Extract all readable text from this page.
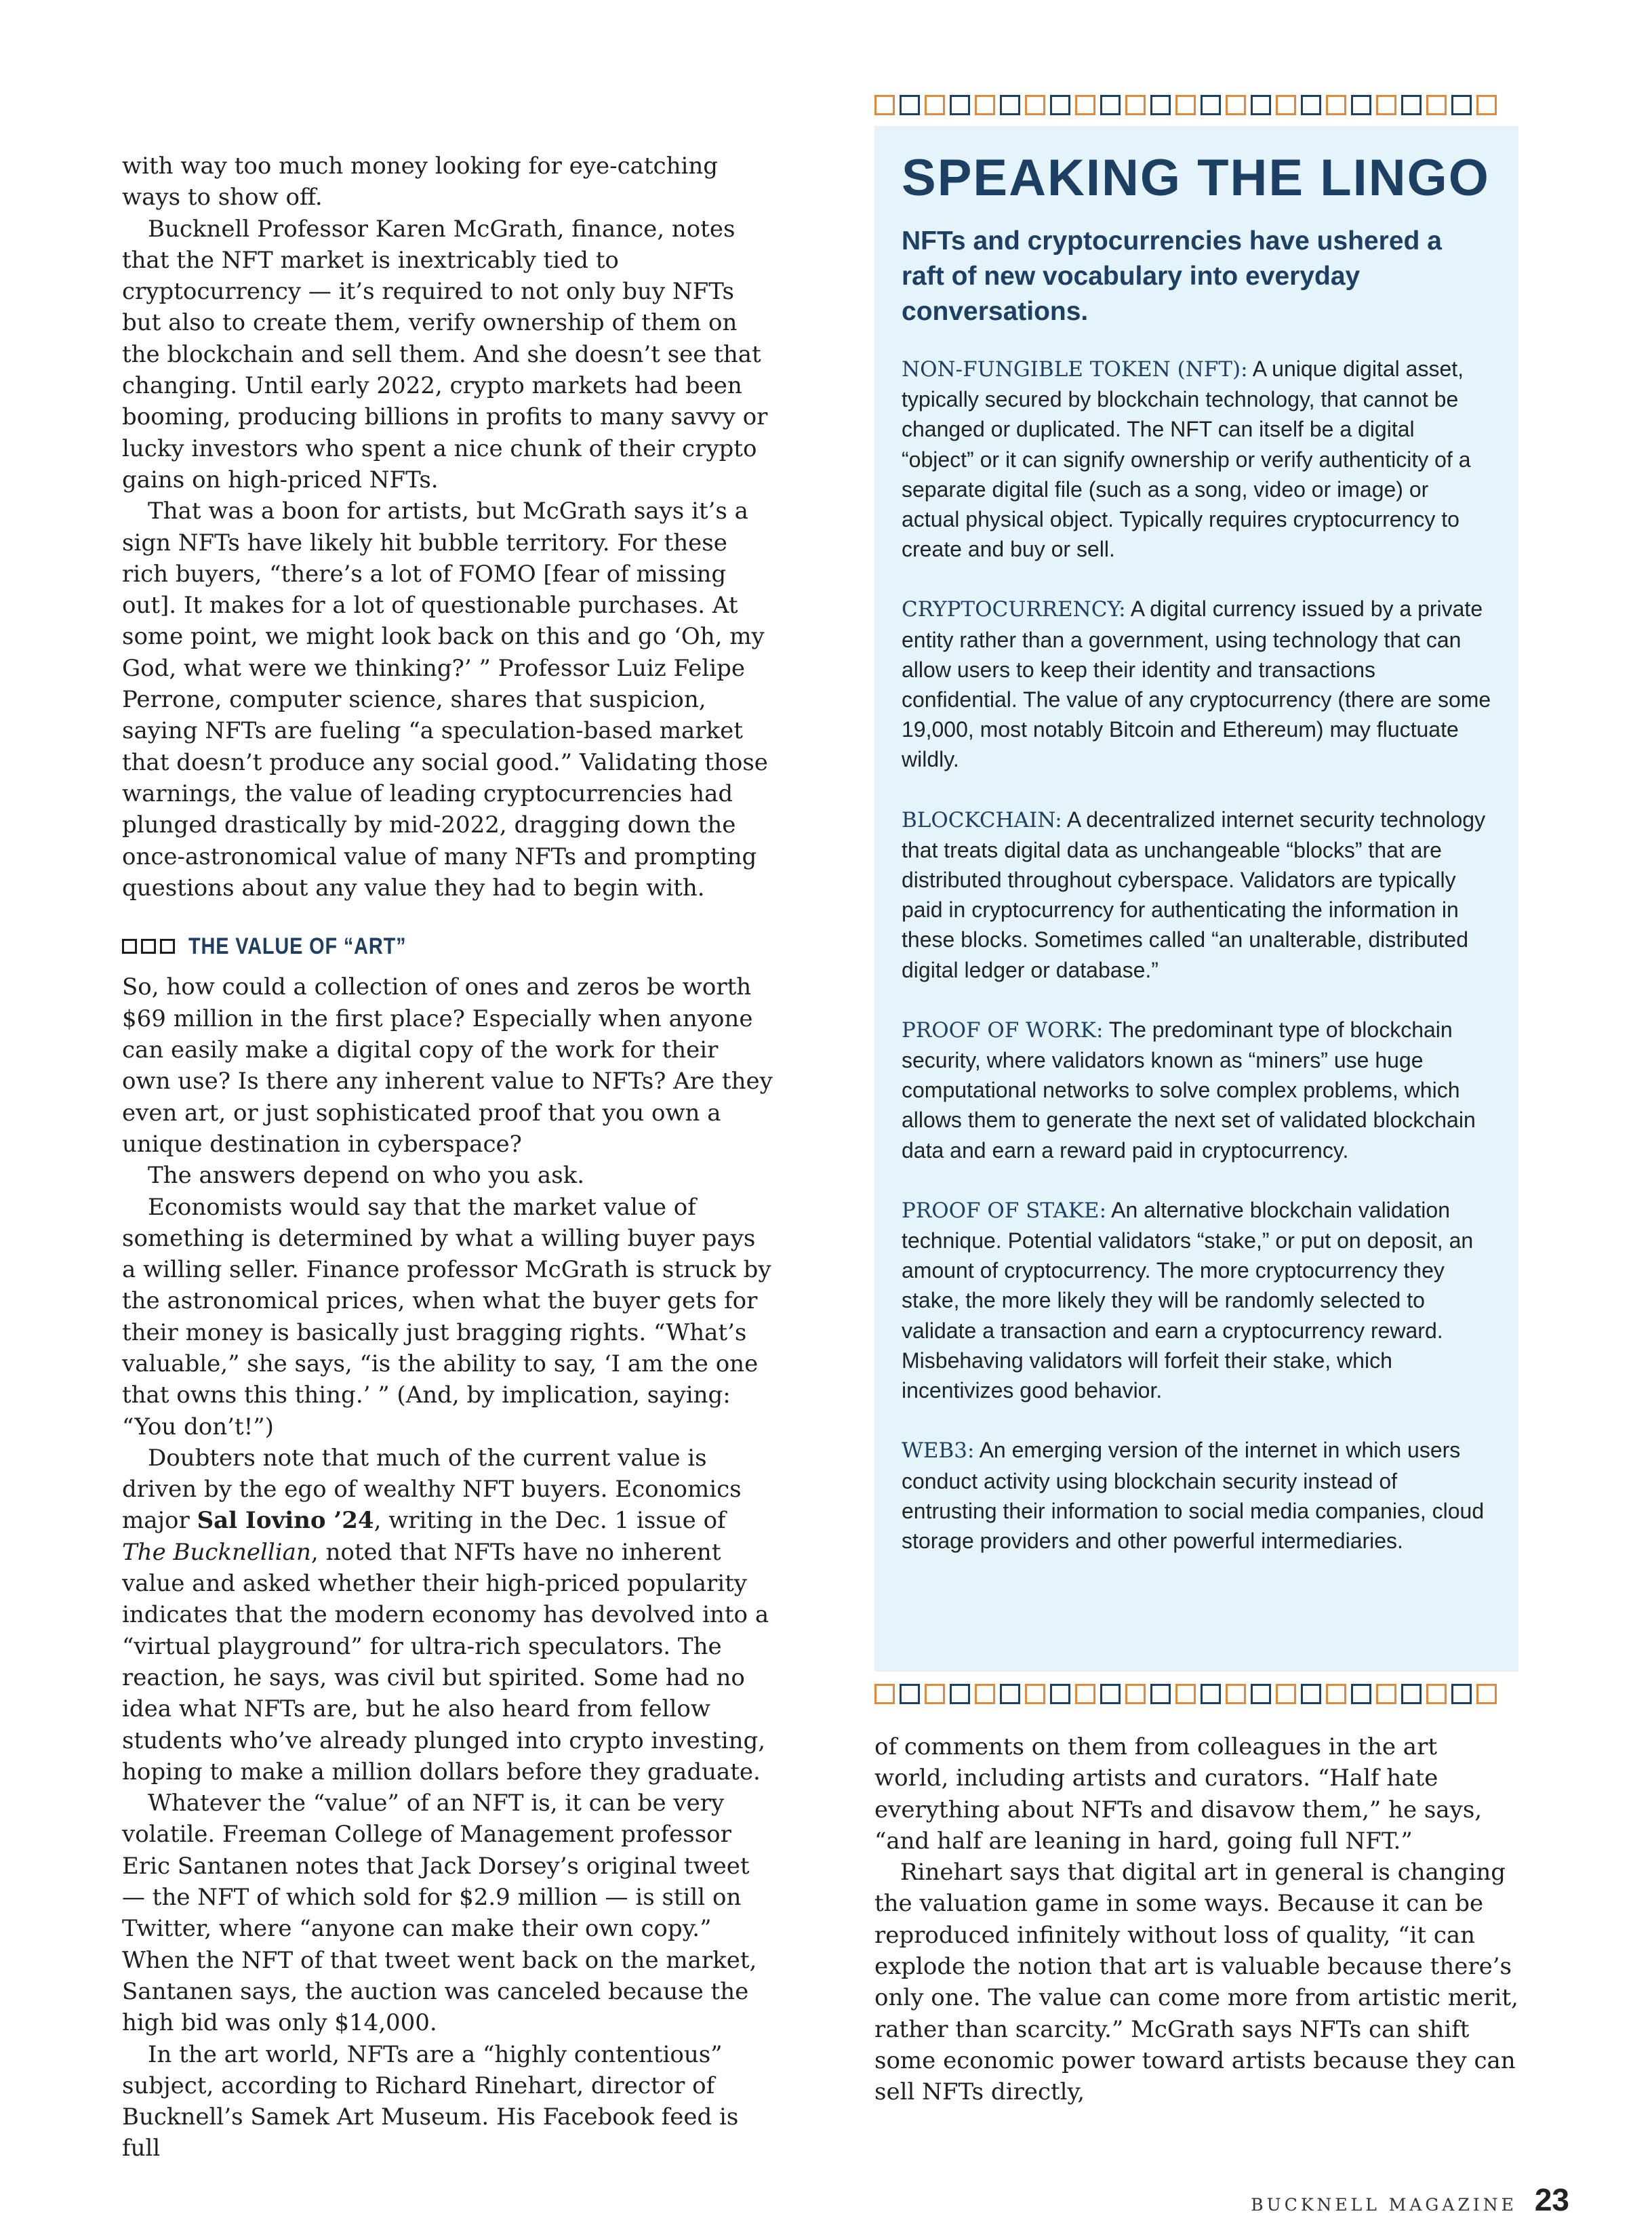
with way too much money looking for eye-catching ways to show off.

Bucknell Professor Karen McGrath, finance, notes that the NFT market is inextricably tied to cryptocurrency — it’s required to not only buy NFTs but also to create them, verify ownership of them on the blockchain and sell them. And she doesn’t see that changing. Until early 2022, crypto markets had been booming, producing billions in profits to many savvy or lucky investors who spent a nice chunk of their crypto gains on high-priced NFTs.

That was a boon for artists, but McGrath says it’s a sign NFTs have likely hit bubble territory. For these rich buyers, “there’s a lot of FOMO [fear of missing out]. It makes for a lot of questionable purchases. At some point, we might look back on this and go ‘Oh, my God, what were we thinking?’ ” Professor Luiz Felipe Perrone, computer science, shares that suspicion, saying NFTs are fueling “a speculation-based market that doesn’t produce any social good.” Validating those warnings, the value of leading cryptocurrencies had plunged drastically by mid-2022, dragging down the once-astronomical value of many NFTs and prompting questions about any value they had to begin with.

THE VALUE OF “ART”

So, how could a collection of ones and zeros be worth $69 million in the first place? Especially when anyone can easily make a digital copy of the work for their own use? Is there any inherent value to NFTs? Are they even art, or just sophisticated proof that you own a unique destination in cyberspace?

The answers depend on who you ask.

Economists would say that the market value of something is determined by what a willing buyer pays a willing seller. Finance professor McGrath is struck by the astronomical prices, when what the buyer gets for their money is basically just bragging rights. “What’s valuable,” she says, “is the ability to say, ‘I am the one that owns this thing.’ ” (And, by implication, saying: “You don’t!”)

Doubters note that much of the current value is driven by the ego of wealthy NFT buyers. Economics major Sal Iovino ’24, writing in the Dec. 1 issue of The Bucknellian, noted that NFTs have no inherent value and asked whether their high-priced popularity indicates that the modern economy has devolved into a “virtual playground” for ultra-rich speculators. The reaction, he says, was civil but spirited. Some had no idea what NFTs are, but he also heard from fellow students who’ve already plunged into crypto investing, hoping to make a million dollars before they graduate.

Whatever the “value” of an NFT is, it can be very volatile. Freeman College of Management professor Eric Santanen notes that Jack Dorsey’s original tweet — the NFT of which sold for $2.9 million — is still on Twitter, where “anyone can make their own copy.” When the NFT of that tweet went back on the market, Santanen says, the auction was canceled because the high bid was only $14,000.

In the art world, NFTs are a “highly contentious” subject, according to Richard Rinehart, director of Bucknell’s Samek Art Museum. His Facebook feed is full

SPEAKING THE LINGO
NFTs and cryptocurrencies have ushered a raft of new vocabulary into everyday conversations.
NON-FUNGIBLE TOKEN (NFT): A unique digital asset, typically secured by blockchain technology, that cannot be changed or duplicated. The NFT can itself be a digital “object” or it can signify ownership or verify authenticity of a separate digital file (such as a song, video or image) or actual physical object. Typically requires cryptocurrency to create and buy or sell.
CRYPTOCURRENCY: A digital currency issued by a private entity rather than a government, using technology that can allow users to keep their identity and transactions confidential. The value of any cryptocurrency (there are some 19,000, most notably Bitcoin and Ethereum) may fluctuate wildly.
BLOCKCHAIN: A decentralized internet security technology that treats digital data as unchangeable “blocks” that are distributed throughout cyberspace. Validators are typically paid in cryptocurrency for authenticating the information in these blocks. Sometimes called “an unalterable, distributed digital ledger or database.”
PROOF OF WORK: The predominant type of blockchain security, where validators known as “miners” use huge computational networks to solve complex problems, which allows them to generate the next set of validated blockchain data and earn a reward paid in cryptocurrency.
PROOF OF STAKE: An alternative blockchain validation technique. Potential validators “stake,” or put on deposit, an amount of cryptocurrency. The more cryptocurrency they stake, the more likely they will be randomly selected to validate a transaction and earn a cryptocurrency reward. Misbehaving validators will forfeit their stake, which incentivizes good behavior.
WEB3: An emerging version of the internet in which users conduct activity using blockchain security instead of entrusting their information to social media companies, cloud storage providers and other powerful intermediaries.

of comments on them from colleagues in the art world, including artists and curators. “Half hate everything about NFTs and disavow them,” he says, “and half are leaning in hard, going full NFT.”

Rinehart says that digital art in general is changing the valuation game in some ways. Because it can be reproduced infinitely without loss of quality, “it can explode the notion that art is valuable because there’s only one. The value can come more from artistic merit, rather than scarcity.” McGrath says NFTs can shift some economic power toward artists because they can sell NFTs directly,

BUCKNELL MAGAZINE 23
